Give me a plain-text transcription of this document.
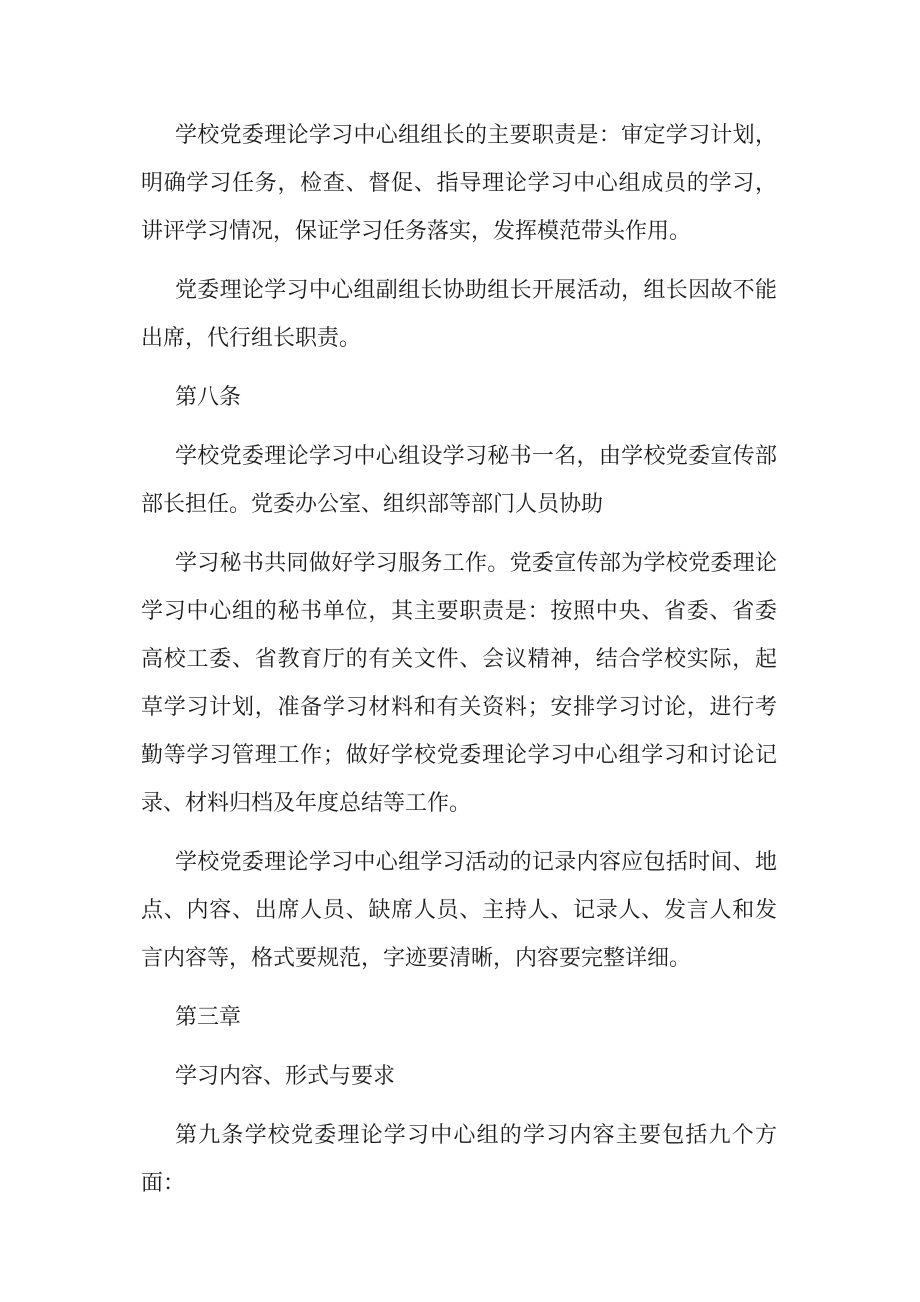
学校党委理论学习中心组组长的主要职责是：审定学习计划，明确学习任务，检查、督促、指导理论学习中心组成员的学习，讲评学习情况，保证学习任务落实，发挥模范带头作用。

党委理论学习中心组副组长协助组长开展活动，组长因故不能出席，代行组长职责。

第八条

学校党委理论学习中心组设学习秘书一名，由学校党委宣传部部长担任。党委办公室、组织部等部门人员协助

学习秘书共同做好学习服务工作。党委宣传部为学校党委理论学习中心组的秘书单位，其主要职责是：按照中央、省委、省委高校工委、省教育厅的有关文件、会议精神，结合学校实际，起草学习计划，准备学习材料和有关资料；安排学习讨论，进行考勤等学习管理工作；做好学校党委理论学习中心组学习和讨论记录、材料归档及年度总结等工作。

学校党委理论学习中心组学习活动的记录内容应包括时间、地点、内容、出席人员、缺席人员、主持人、记录人、发言人和发言内容等，格式要规范，字迹要清晰，内容要完整详细。

第三章

学习内容、形式与要求

第九条学校党委理论学习中心组的学习内容主要包括九个方面：
